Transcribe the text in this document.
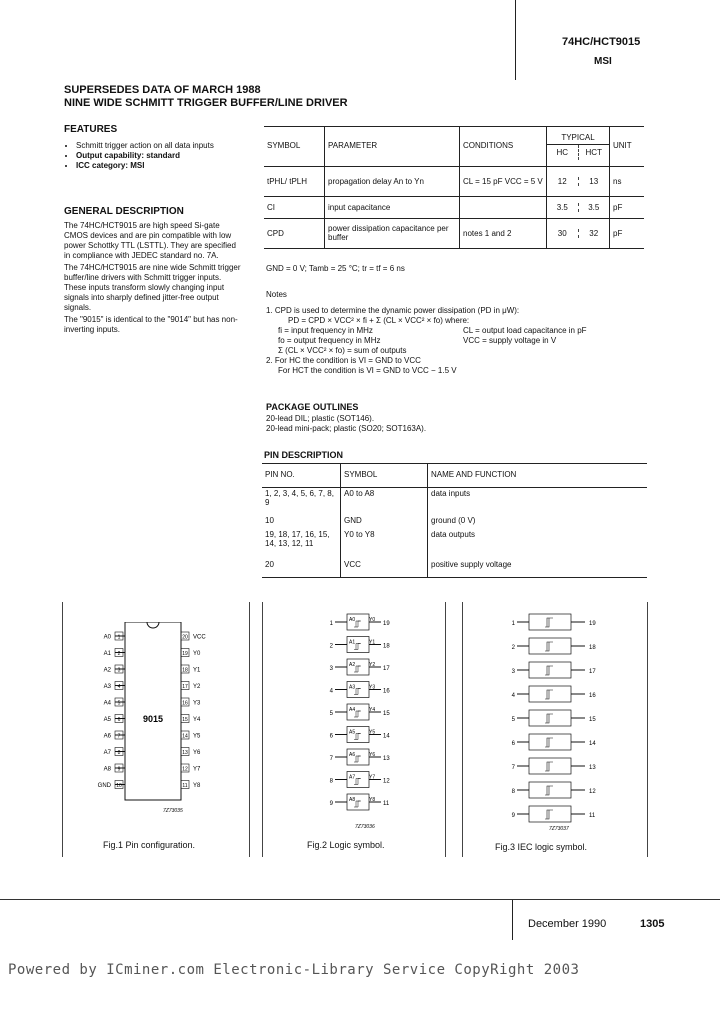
74HC/HCT9015
MSI
SUPERSEDES DATA OF MARCH 1988
NINE WIDE SCHMITT TRIGGER BUFFER/LINE DRIVER
FEATURES
• Schmitt trigger action on all data inputs
• Output capability: standard
• ICC category: MSI
GENERAL DESCRIPTION
The 74HC/HCT9015 are high speed Si-gate CMOS devices and are pin compatible with low power Schottky TTL (LSTTL). They are specified in compliance with JEDEC standard no. 7A.
The 74HC/HCT9015 are nine wide Schmitt trigger buffer/line drivers with Schmitt trigger inputs. These inputs transform slowly changing input signals into sharply defined jitter-free output signals.
The "9015" is identical to the "9014" but has non-inverting inputs.
SYMBOL	PARAMETER	CONDITIONS	TYPICAL
HC HCT	UNIT
tPHL/ tPLH	propagation delay An to Yn	CL = 15 pF VCC = 5 V	12 13	ns
CI	input capacitance		3.5 3.5	pF
CPD	power dissipation capacitance per buffer	notes 1 and 2	30 32	pF
GND = 0 V; Tamb = 25 °C; tr = tf = 6 ns
Notes
1. CPD is used to determine the dynamic power dissipation (PD in μW):
PD = CPD × VCC² × fi + Σ (CL × VCC² × fo) where:
fi = input frequency in MHz
fo = output frequency in MHz
Σ (CL × VCC² × fo) = sum of outputs
CL = output load capacitance in pF
VCC = supply voltage in V
2. For HC the condition is VI = GND to VCC
For HCT the condition is VI = GND to VCC − 1.5 V
PACKAGE OUTLINES
20-lead DIL; plastic (SOT146).
20-lead mini-pack; plastic (SO20; SOT163A).
PIN DESCRIPTION
PIN NO.	SYMBOL	NAME AND FUNCTION
1, 2, 3, 4, 5, 6, 7, 8, 9	A0 to A8	data inputs
10	GND	ground (0 V)
19, 18, 17, 16, 15, 14, 13, 12, 11	Y0 to Y8	data outputs
20	VCC	positive supply voltage
1
A0	20 VCC
2
A1	19 Y0
3
A2	18 Y1
4
A3	17 Y2
5
A4	16 Y3
6
A5	15 Y4
7
A6	14 Y5
8
A7	13 Y6
9
A8	12 Y7
10
GND	11 Y8
9015
7Z73035
Fig.1 Pin configuration.
1
A0	Y0
19
2
A1	Y1
18
3
A2	Y2
17
4
A3	Y3
16
5
A4	Y4
15
6
A5	Y5
14
7
A6	Y6
13
8
A7	Y7
12
9
A8	Y8
11
7Z73036
Fig.2 Logic symbol.
1	19
2	18
3	17
4	16
5	15
6	14
7	13
8	12
9	11
7Z73037
Fig.3 IEC logic symbol.
December 1990	1305
Powered by ICminer.com Electronic-Library Service CopyRight 2003
